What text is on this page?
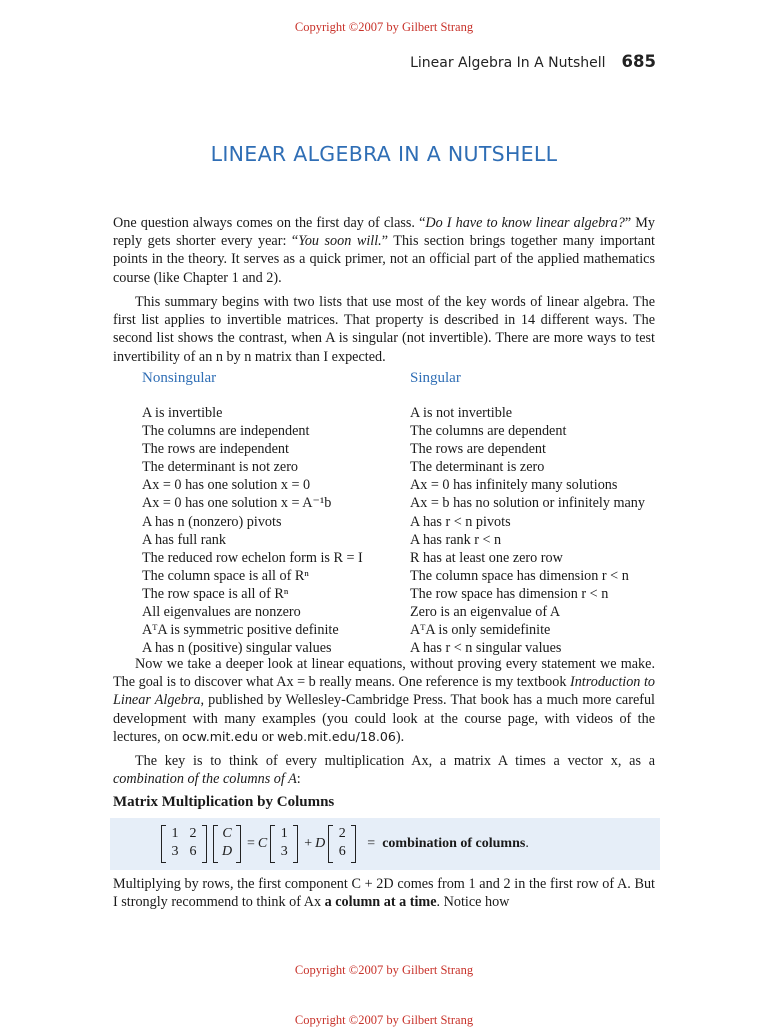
Copyright ©2007 by Gilbert Strang
Linear Algebra In A Nutshell 685
LINEAR ALGEBRA IN A NUTSHELL
One question always comes on the first day of class. “Do I have to know linear algebra?” My reply gets shorter every year: “You soon will.” This section brings together many important points in the theory. It serves as a quick primer, not an official part of the applied mathematics course (like Chapter 1 and 2).
This summary begins with two lists that use most of the key words of linear algebra. The first list applies to invertible matrices. That property is described in 14 different ways. The second list shows the contrast, when A is singular (not invertible). There are more ways to test invertibility of an n by n matrix than I expected.
Nonsingular
A is invertible
The columns are independent
The rows are independent
The determinant is not zero
Ax = 0 has one solution x = 0
Ax = 0 has one solution x = A⁻¹b
A has n (nonzero) pivots
A has full rank
The reduced row echelon form is R = I
The column space is all of Rⁿ
The row space is all of Rⁿ
All eigenvalues are nonzero
AᵀA is symmetric positive definite
A has n (positive) singular values
Singular
A is not invertible
The columns are dependent
The rows are dependent
The determinant is zero
Ax = 0 has infinitely many solutions
Ax = b has no solution or infinitely many
A has r < n pivots
A has rank r < n
R has at least one zero row
The column space has dimension r < n
The row space has dimension r < n
Zero is an eigenvalue of A
AᵀA is only semidefinite
A has r < n singular values
Now we take a deeper look at linear equations, without proving every statement we make. The goal is to discover what Ax = b really means. One reference is my textbook Introduction to Linear Algebra, published by Wellesley-Cambridge Press. That book has a much more careful development with many examples (you could look at the course page, with videos of the lectures, on ocw.mit.edu or web.mit.edu/18.06).
The key is to think of every multiplication Ax, a matrix A times a vector x, as a combination of the columns of A:
Matrix Multiplication by Columns
1 2
3 6
C
D
= C
1
3
+ D
2
6
= combination of columns .
Multiplying by rows, the first component C + 2D comes from 1 and 2 in the first row of A. But I strongly recommend to think of Ax a column at a time. Notice how
Copyright ©2007 by Gilbert Strang
Copyright ©2007 by Gilbert Strang
